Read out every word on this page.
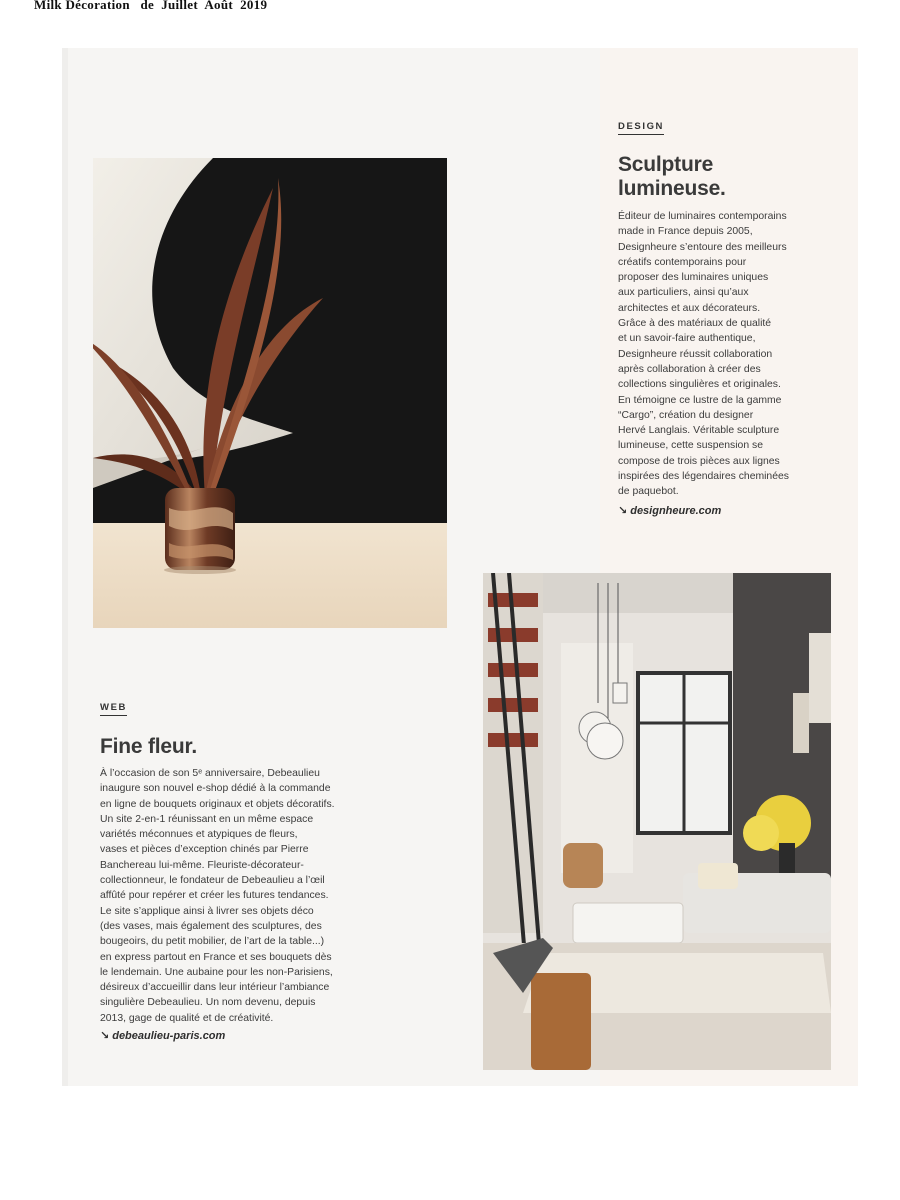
Milk Décoration   de  Juillet  Août  2019
DESIGN
Sculpture
lumineuse.
Éditeur de luminaires contemporains
made in France depuis 2005,
Designheure s’entoure des meilleurs
créatifs contemporains pour
proposer des luminaires uniques
aux particuliers, ainsi qu’aux
architectes et aux décorateurs.
Grâce à des matériaux de qualité
et un savoir-faire authentique,
Designheure réussit collaboration
après collaboration à créer des
collections singulières et originales.
En témoigne ce lustre de la gamme
“Cargo”, création du designer
Hervé Langlais. Véritable sculpture
lumineuse, cette suspension se
compose de trois pièces aux lignes
inspirées des légendaires cheminées
de paquebot.
↘ designheure.com
WEB
Fine fleur.
À l’occasion de son 5ᵉ anniversaire, Debeaulieu
inaugure son nouvel e-shop dédié à la commande
en ligne de bouquets originaux et objets décoratifs.
Un site 2-en-1 réunissant en un même espace
variétés méconnues et atypiques de fleurs,
vases et pièces d’exception chinés par Pierre
Banchereau lui-même. Fleuriste-décorateur-
collectionneur, le fondateur de Debeaulieu a l’œil
affûté pour repérer et créer les futures tendances.
Le site s’applique ainsi à livrer ses objets déco
(des vases, mais également des sculptures, des
bougeoirs, du petit mobilier, de l’art de la table...)
en express partout en France et ses bouquets dès
le lendemain. Une aubaine pour les non-Parisiens,
désireux d’accueillir dans leur intérieur l’ambiance
singulière Debeaulieu. Un nom devenu, depuis
2013, gage de qualité et de créativité.
↘ debeaulieu-paris.com
